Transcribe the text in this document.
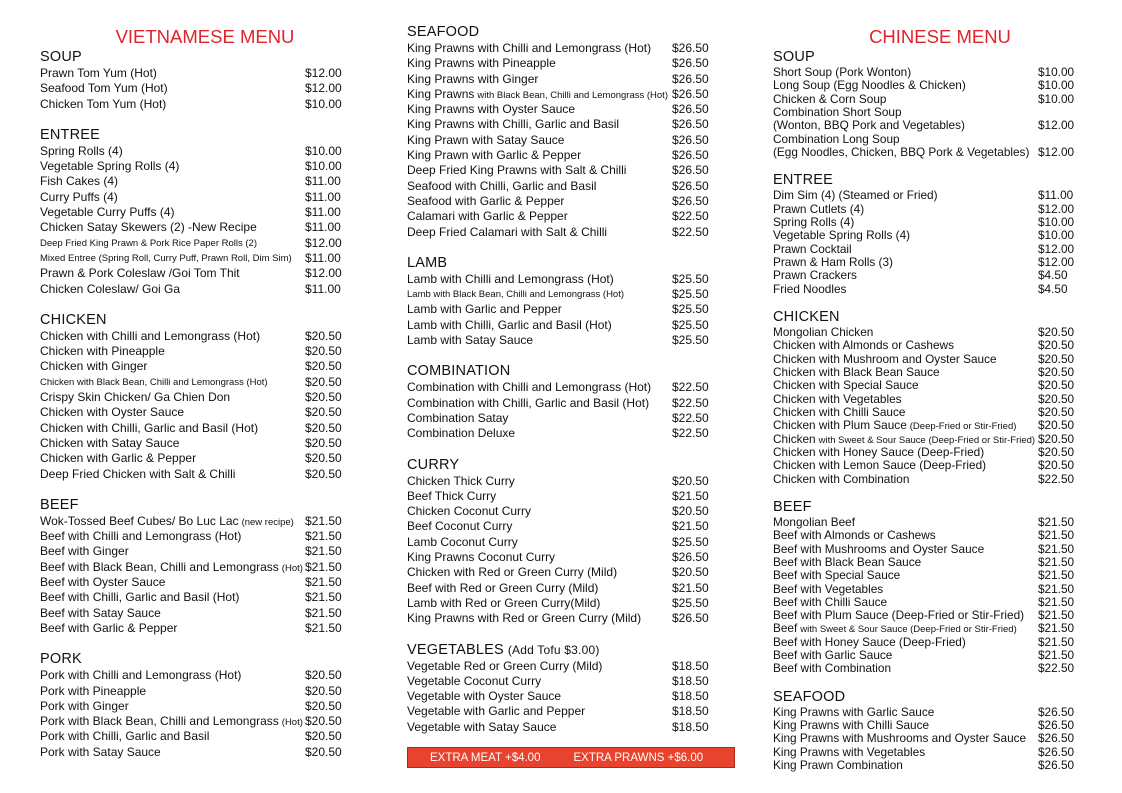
VIETNAMESE MENU
SOUP
Prawn Tom Yum (Hot)	$12.00
Seafood Tom Yum (Hot)	$12.00
Chicken Tom Yum (Hot)	$10.00
ENTREE
Spring Rolls (4)	$10.00
Vegetable Spring Rolls (4)	$10.00
Fish Cakes (4)	$11.00
Curry Puffs (4)	$11.00
Vegetable Curry Puffs (4)	$11.00
Chicken Satay Skewers (2) -New Recipe	$11.00
Deep Fried King Prawn & Pork Rice Paper Rolls (2)	$12.00
Mixed Entree (Spring Roll, Curry Puff, Prawn Roll, Dim Sim)	$11.00
Prawn & Pork Coleslaw /Goi Tom Thit	$12.00
Chicken Coleslaw/ Goi Ga	$11.00
CHICKEN
Chicken with Chilli and Lemongrass (Hot)	$20.50
Chicken with Pineapple	$20.50
Chicken with Ginger	$20.50
Chicken with Black Bean, Chilli and Lemongrass (Hot)	$20.50
Crispy Skin Chicken/ Ga Chien Don	$20.50
Chicken with Oyster Sauce	$20.50
Chicken with Chilli, Garlic and Basil (Hot)	$20.50
Chicken with Satay Sauce	$20.50
Chicken with Garlic & Pepper	$20.50
Deep Fried Chicken with Salt & Chilli	$20.50
BEEF
Wok-Tossed Beef Cubes/ Bo Luc Lac (new recipe) $21.50
Beef with Chilli and Lemongrass (Hot)	$21.50
Beef with Ginger	$21.50
Beef with Black Bean, Chilli and Lemongrass (Hot) $21.50
Beef with Oyster Sauce	$21.50
Beef with Chilli, Garlic and Basil (Hot)	$21.50
Beef with Satay Sauce	$21.50
Beef with Garlic & Pepper	$21.50
PORK
Pork with Chilli and Lemongrass (Hot)	$20.50
Pork with Pineapple	$20.50
Pork with Ginger	$20.50
Pork with Black Bean, Chilli and Lemongrass (Hot) $20.50
Pork with Chilli, Garlic and Basil	$20.50
Pork with Satay Sauce	$20.50
SEAFOOD
King Prawns with Chilli and Lemongrass (Hot)	$26.50
King Prawns with Pineapple	$26.50
King Prawns with Ginger	$26.50
King Prawns with Black Bean, Chilli and Lemongrass (Hot) $26.50
King Prawns with Oyster Sauce	$26.50
King Prawns with Chilli, Garlic and Basil	$26.50
King Prawn with Satay Sauce	$26.50
King Prawn with Garlic & Pepper	$26.50
Deep Fried King Prawns with Salt & Chilli	$26.50
Seafood with Chilli, Garlic and Basil	$26.50
Seafood with Garlic & Pepper	$26.50
Calamari with Garlic & Pepper	$22.50
Deep Fried Calamari with Salt & Chilli	$22.50
LAMB
Lamb with Chilli and Lemongrass (Hot)	$25.50
Lamb with Black Bean, Chilli and Lemongrass (Hot)	$25.50
Lamb with Garlic and Pepper	$25.50
Lamb with Chilli, Garlic and Basil (Hot)	$25.50
Lamb with Satay Sauce	$25.50
COMBINATION
Combination with Chilli and Lemongrass (Hot)	$22.50
Combination with Chilli, Garlic and Basil (Hot)	$22.50
Combination Satay	$22.50
Combination Deluxe	$22.50
CURRY
Chicken Thick Curry	$20.50
Beef Thick Curry	$21.50
Chicken Coconut Curry	$20.50
Beef Coconut Curry	$21.50
Lamb Coconut Curry	$25.50
King Prawns Coconut Curry	$26.50
Chicken with Red or Green Curry (Mild)	$20.50
Beef with Red or Green Curry (Mild)	$21.50
Lamb with Red or Green Curry(Mild)	$25.50
King Prawns with Red or Green Curry (Mild)	$26.50
VEGETABLES (Add Tofu $3.00)
Vegetable Red or Green Curry (Mild)	$18.50
Vegetable Coconut Curry	$18.50
Vegetable with Oyster Sauce	$18.50
Vegetable with Garlic and Pepper	$18.50
Vegetable with Satay Sauce	$18.50
CHINESE MENU
SOUP
Short Soup (Pork Wonton)	$10.00
Long Soup (Egg Noodles & Chicken)	$10.00
Chicken & Corn Soup	$10.00
Combination Short Soup
(Wonton, BBQ Pork and Vegetables)	$12.00
Combination Long Soup
(Egg Noodles, Chicken, BBQ Pork & Vegetables) $12.00
ENTREE
Dim Sim (4) (Steamed or Fried)	$11.00
Prawn Cutlets (4)	$12.00
Spring Rolls (4)	$10.00
Vegetable Spring Rolls (4)	$10.00
Prawn Cocktail	$12.00
Prawn & Ham Rolls (3)	$12.00
Prawn Crackers	$4.50
Fried Noodles	$4.50
CHICKEN
Mongolian Chicken	$20.50
Chicken with Almonds or Cashews	$20.50
Chicken with Mushroom and Oyster Sauce	$20.50
Chicken with Black Bean Sauce	$20.50
Chicken with Special Sauce	$20.50
Chicken with Vegetables	$20.50
Chicken with Chilli Sauce	$20.50
Chicken with Plum Sauce (Deep-Fried or Stir-Fried)	$20.50
Chicken with Sweet & Sour Sauce (Deep-Fried or Stir-Fried) $20.50
Chicken with Honey Sauce (Deep-Fried)	$20.50
Chicken with Lemon Sauce (Deep-Fried)	$20.50
Chicken with Combination	$22.50
BEEF
Mongolian Beef	$21.50
Beef with Almonds or Cashews	$21.50
Beef with Mushrooms and Oyster Sauce	$21.50
Beef with Black Bean Sauce	$21.50
Beef with Special Sauce	$21.50
Beef with Vegetables	$21.50
Beef with Chilli Sauce	$21.50
Beef with Plum Sauce (Deep-Fried or Stir-Fried)	$21.50
Beef with Sweet & Sour Sauce (Deep-Fried or Stir-Fried)	$21.50
Beef with Honey Sauce (Deep-Fried)	$21.50
Beef with Garlic Sauce	$21.50
Beef with Combination	$22.50
SEAFOOD
King Prawns with Garlic Sauce	$26.50
King Prawns with Chilli Sauce	$26.50
King Prawns with Mushrooms and Oyster Sauce	$26.50
King Prawns with Vegetables	$26.50
King Prawn Combination	$26.50
EXTRA MEAT +$4.00	EXTRA PRAWNS +$6.00
